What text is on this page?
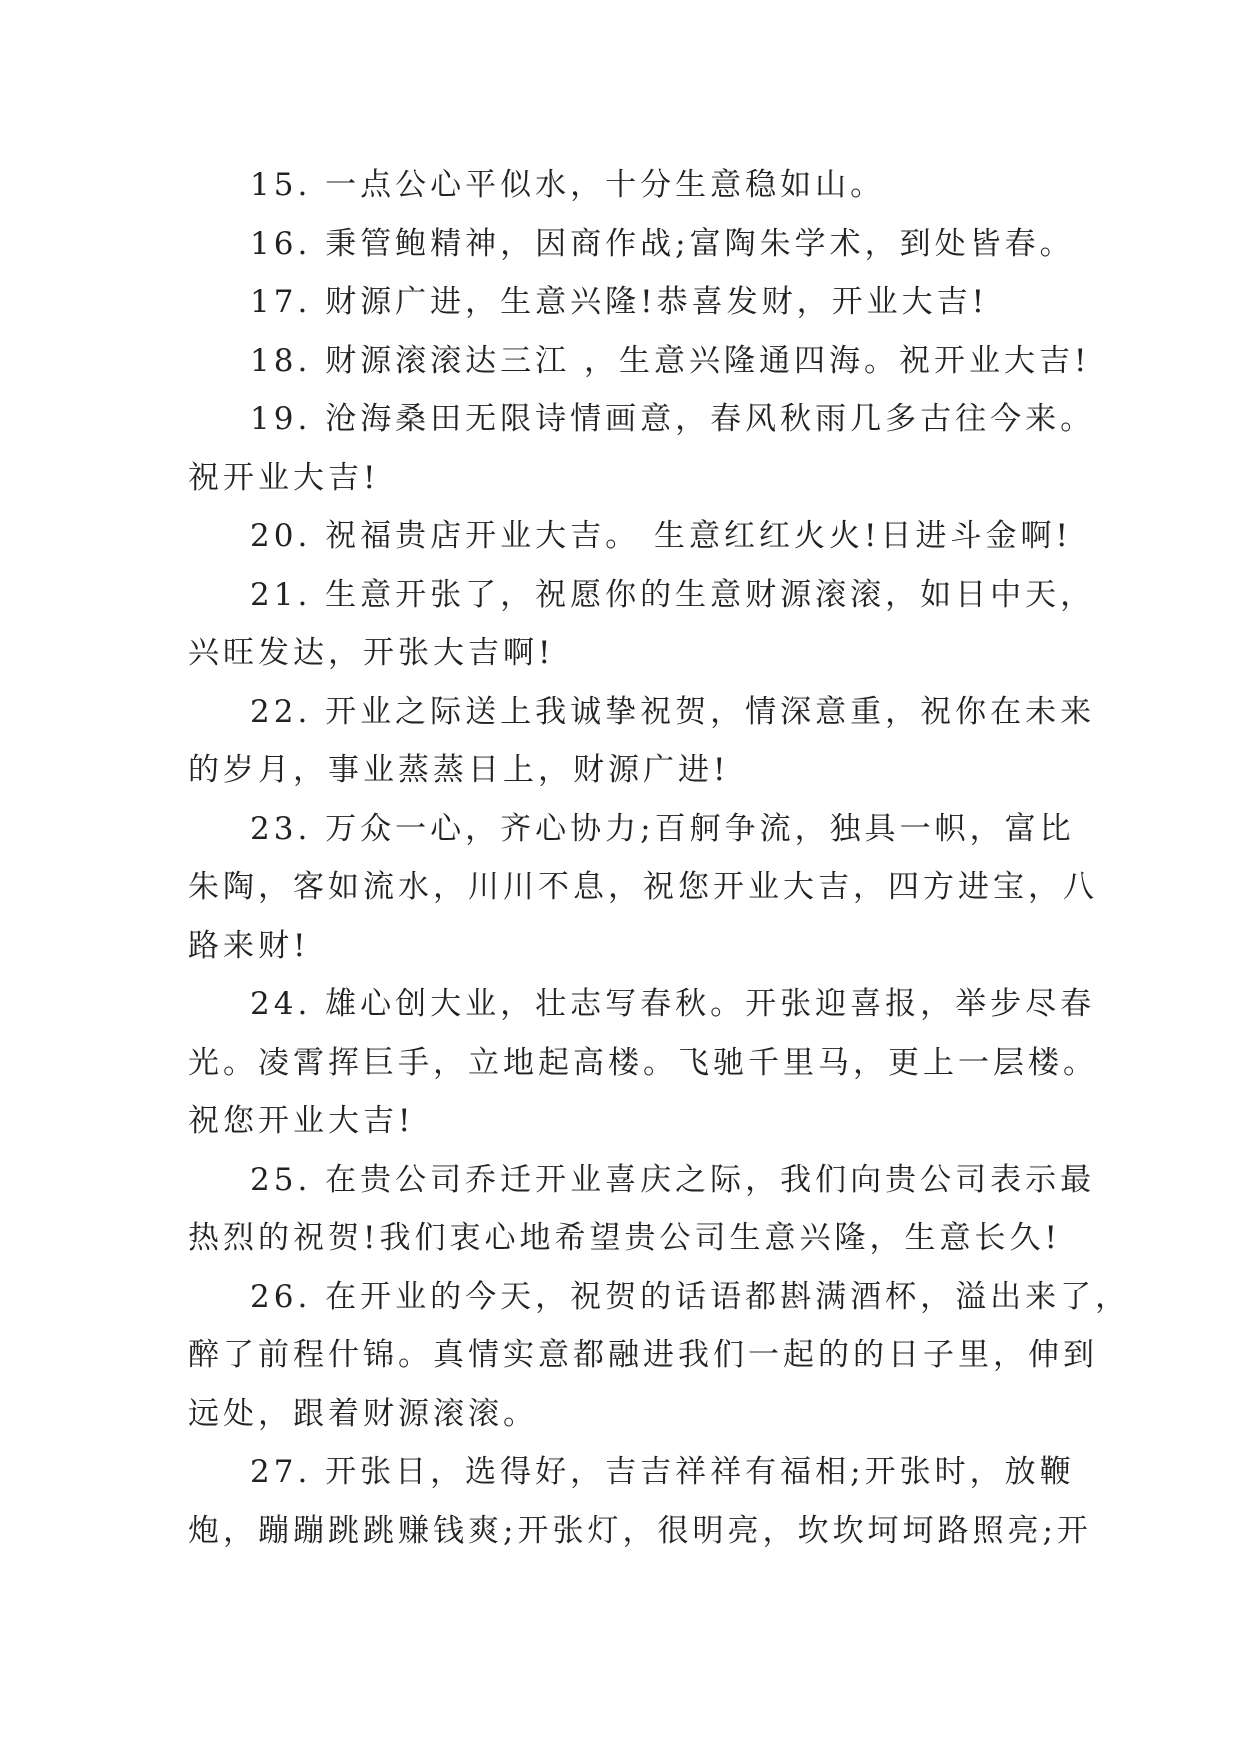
15. 一点公心平似水，十分生意稳如山。
16. 秉管鲍精神，因商作战;富陶朱学术，到处皆春。
17. 财源广进，生意兴隆!恭喜发财，开业大吉!
18. 财源滚滚达三江 ，生意兴隆通四海。祝开业大吉!
19. 沧海桑田无限诗情画意，春风秋雨几多古往今来。
祝开业大吉!
20. 祝福贵店开业大吉。 生意红红火火!日进斗金啊!
21. 生意开张了，祝愿你的生意财源滚滚，如日中天，
兴旺发达，开张大吉啊!
22. 开业之际送上我诚挚祝贺，情深意重，祝你在未来
的岁月，事业蒸蒸日上，财源广进!
23. 万众一心，齐心协力;百舸争流，独具一帜，富比
朱陶，客如流水，川川不息，祝您开业大吉，四方进宝，八
路来财!
24. 雄心创大业，壮志写春秋。开张迎喜报，举步尽春
光。凌霄挥巨手，立地起高楼。飞驰千里马，更上一层楼。
祝您开业大吉!
25. 在贵公司乔迁开业喜庆之际，我们向贵公司表示最
热烈的祝贺!我们衷心地希望贵公司生意兴隆，生意长久!
26. 在开业的今天，祝贺的话语都斟满酒杯，溢出来了，
醉了前程什锦。真情实意都融进我们一起的的日子里，伸到
远处，跟着财源滚滚。
27. 开张日，选得好，吉吉祥祥有福相;开张时，放鞭
炮，蹦蹦跳跳赚钱爽;开张灯，很明亮，坎坎坷坷路照亮;开
